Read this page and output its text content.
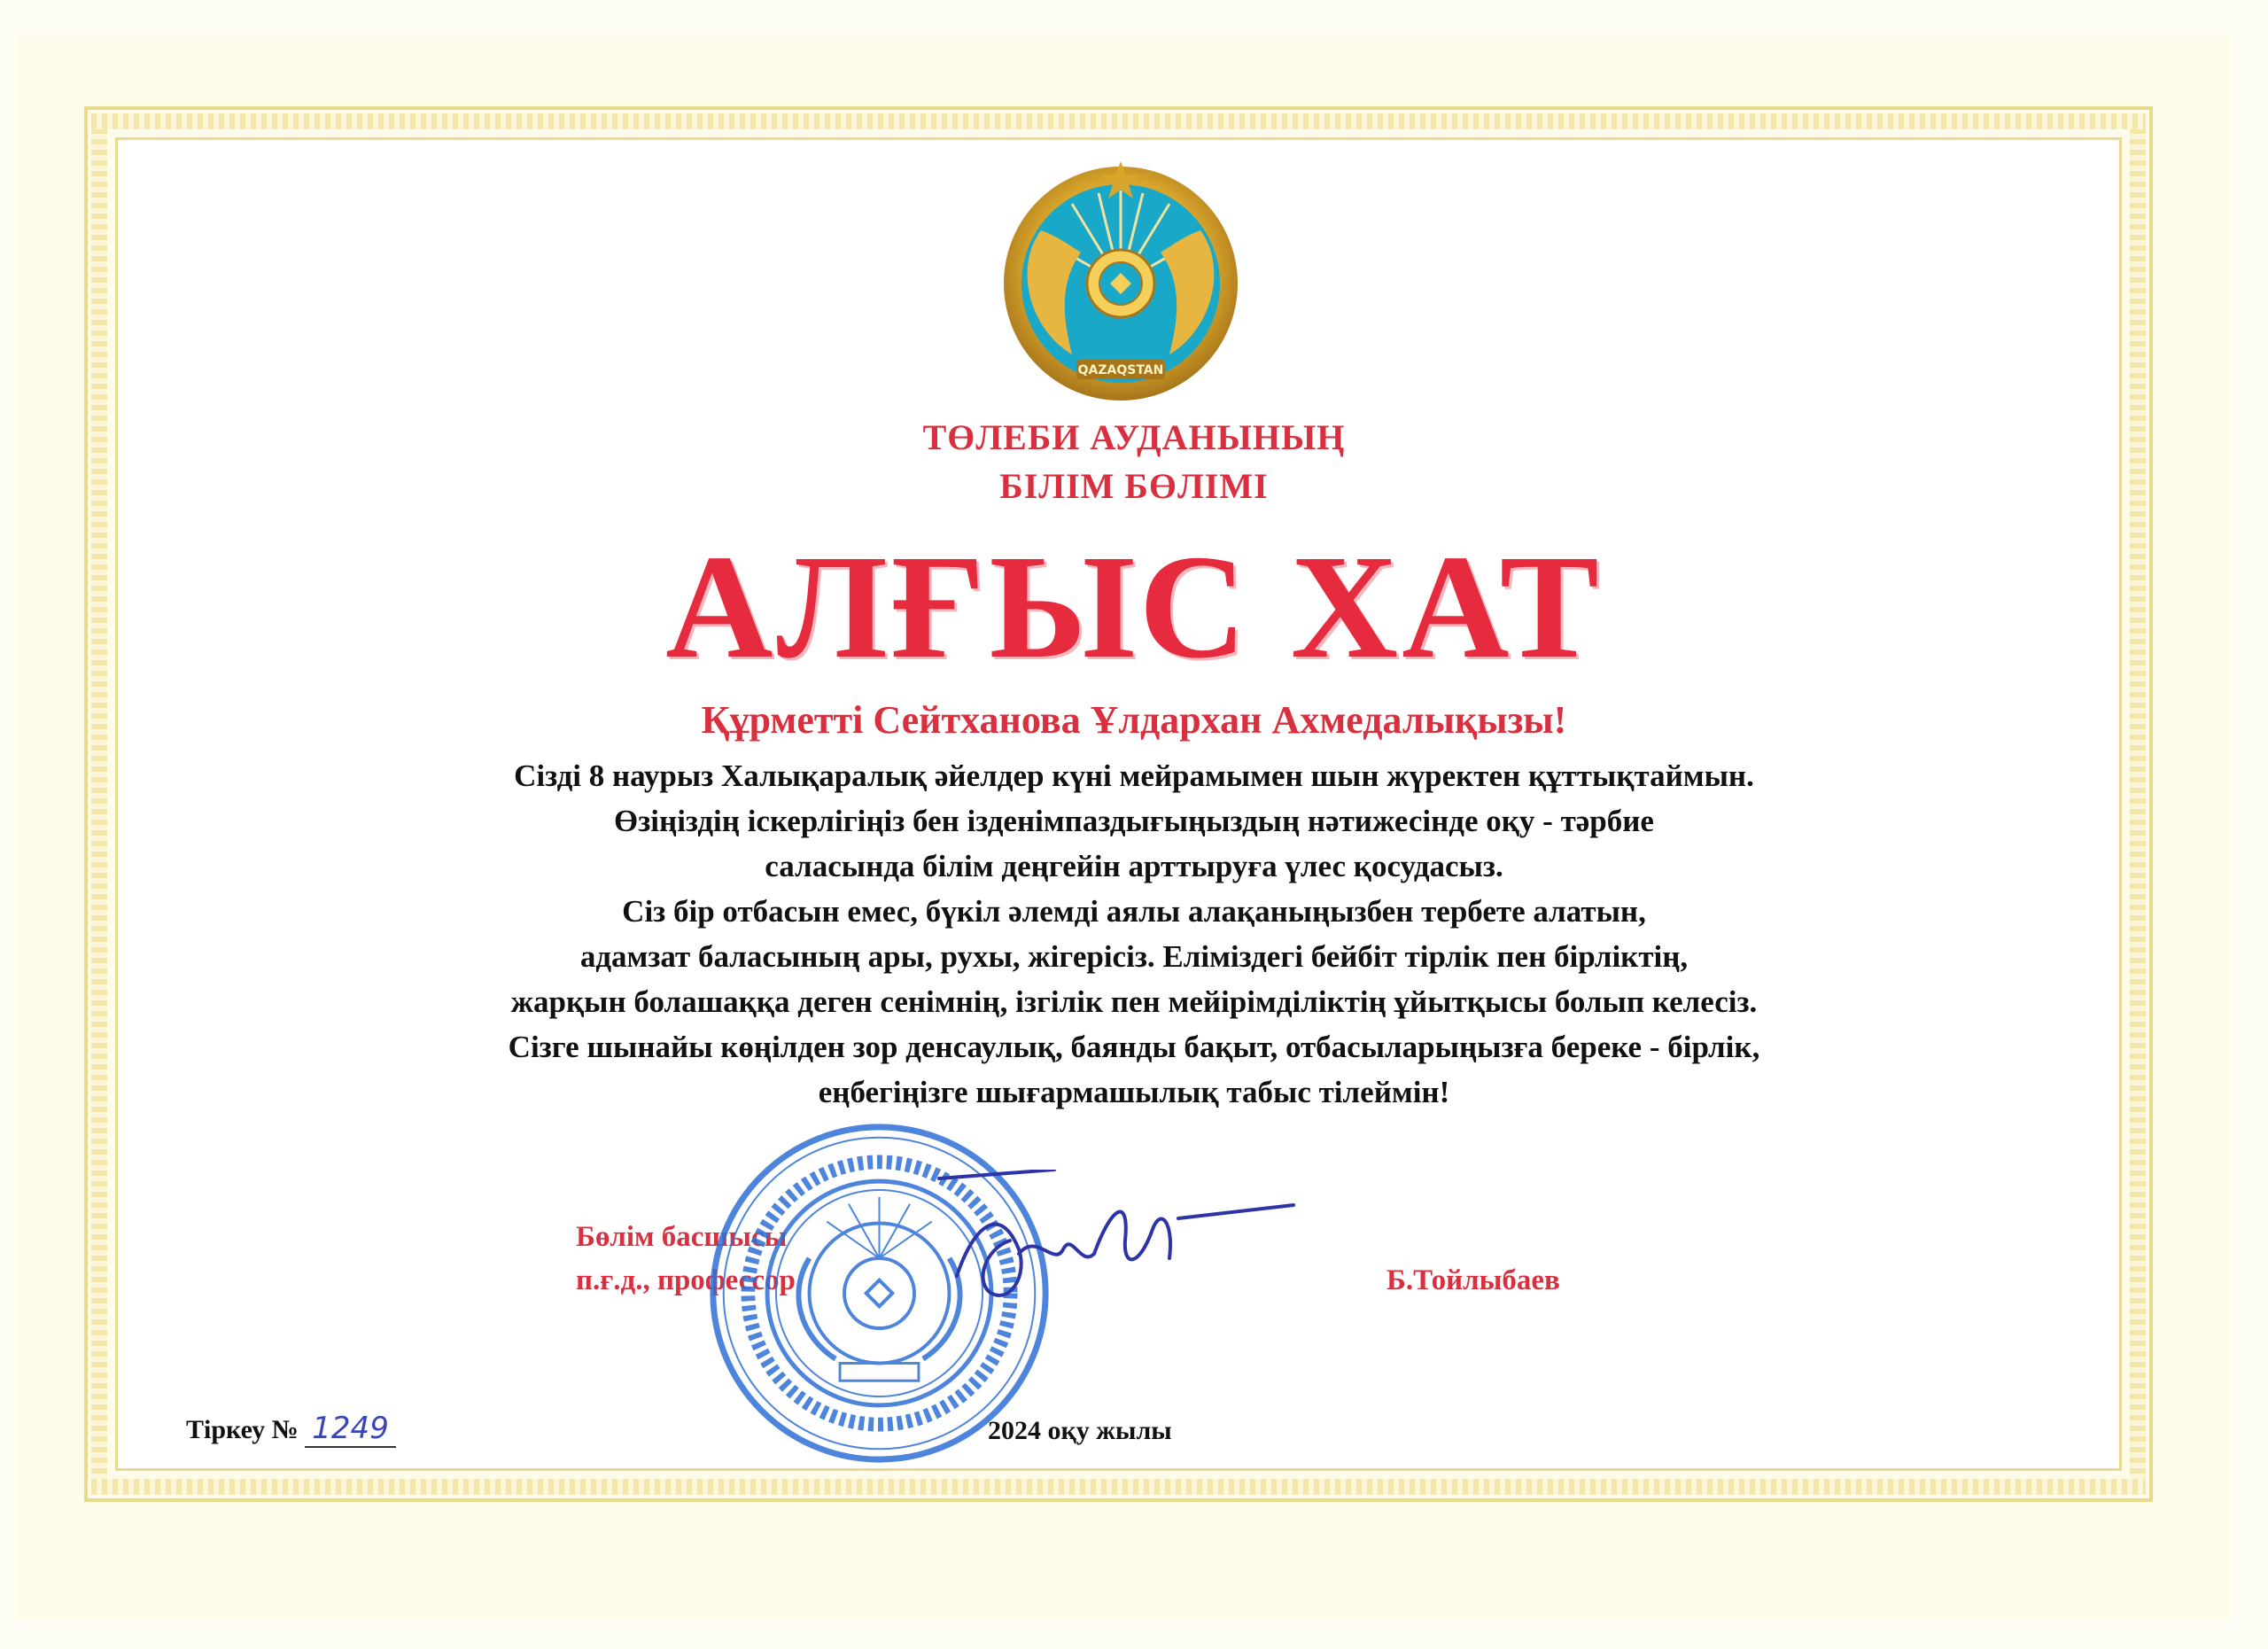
QAZAQSTAN
ТӨЛЕБИ АУДАНЫНЫҢ
БІЛІМ БӨЛІМІ
АЛҒЫС ХАТ
Құрметті Сейтханова Ұлдархан Ахмедалықызы!
Сізді 8 наурыз Халықаралық әйелдер күні мейрамымен шын жүректен құттықтаймын.
Өзіңіздің іскерлігіңіз бен ізденімпаздығыңыздың нәтижесінде оқу - тәрбие
саласында білім деңгейін арттыруға үлес қосудасыз.
Сіз бір отбасын емес, бүкіл әлемді аялы алақаныңызбен тербете алатын,
адамзат баласының ары, рухы, жігерісіз. Еліміздегі бейбіт тірлік пен бірліктің,
жарқын болашаққа деген сенімнің, ізгілік пен мейірімділіктің ұйытқысы болып келесіз.
Сізге шынайы көңілден зор денсаулық, баянды бақыт, отбасыларыңызға береке - бірлік,
еңбегіңізге шығармашылық табыс тілеймін!
Бөлім басшысы
п.ғ.д., профессор	Б.Тойлыбаев
Тіркеу № 1249	2024 оқу жылы
